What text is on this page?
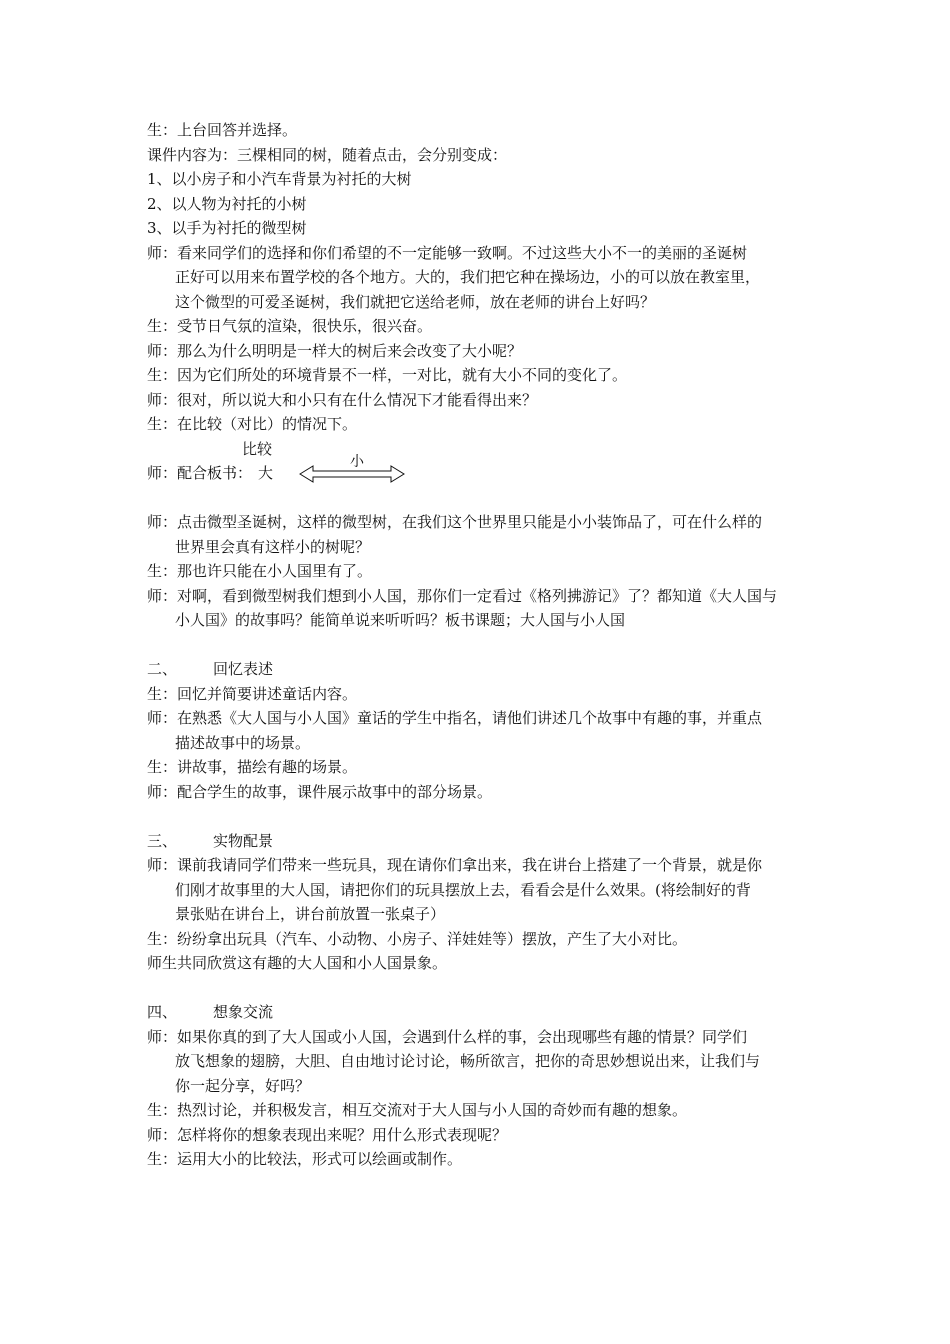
生：上台回答并选择。
课件内容为：三棵相同的树，随着点击，会分别变成：
1、以小房子和小汽车背景为衬托的大树
2、以人物为衬托的小树
3、以手为衬托的微型树
师：看来同学们的选择和你们希望的不一定能够一致啊。不过这些大小不一的美丽的圣诞树
正好可以用来布置学校的各个地方。大的，我们把它种在操场边，小的可以放在教室里，
这个微型的可爱圣诞树，我们就把它送给老师，放在老师的讲台上好吗？
生：受节日气氛的渲染，很快乐，很兴奋。
师：那么为什么明明是一样大的树后来会改变了大小呢？
生：因为它们所处的环境背景不一样，一对比，就有大小不同的变化了。
师：很对，所以说大和小只有在什么情况下才能看得出来？
生：在比较（对比）的情况下。
比较
师：配合板书： 大
小
师：点击微型圣诞树，这样的微型树，在我们这个世界里只能是小小装饰品了，可在什么样的
世界里会真有这样小的树呢？
生：那也许只能在小人国里有了。
师：对啊，看到微型树我们想到小人国，那你们一定看过《格列拂游记》了？都知道《大人国与
小人国》的故事吗？能简单说来听听吗？板书课题；大人国与小人国
二、 回忆表述
生：回忆并简要讲述童话内容。
师：在熟悉《大人国与小人国》童话的学生中指名，请他们讲述几个故事中有趣的事，并重点
描述故事中的场景。
生：讲故事，描绘有趣的场景。
师：配合学生的故事，课件展示故事中的部分场景。
三、 实物配景
师：课前我请同学们带来一些玩具，现在请你们拿出来，我在讲台上搭建了一个背景，就是你
们刚才故事里的大人国，请把你们的玩具摆放上去，看看会是什么效果。(将绘制好的背
景张贴在讲台上，讲台前放置一张桌子）
生：纷纷拿出玩具（汽车、小动物、小房子、洋娃娃等）摆放，产生了大小对比。
师生共同欣赏这有趣的大人国和小人国景象。
四、 想象交流
师：如果你真的到了大人国或小人国，会遇到什么样的事，会出现哪些有趣的情景？同学们
放飞想象的翅膀，大胆、自由地讨论讨论，畅所欲言，把你的奇思妙想说出来，让我们与
你一起分享，好吗？
生：热烈讨论，并积极发言，相互交流对于大人国与小人国的奇妙而有趣的想象。
师：怎样将你的想象表现出来呢？用什么形式表现呢？
生：运用大小的比较法，形式可以绘画或制作。
